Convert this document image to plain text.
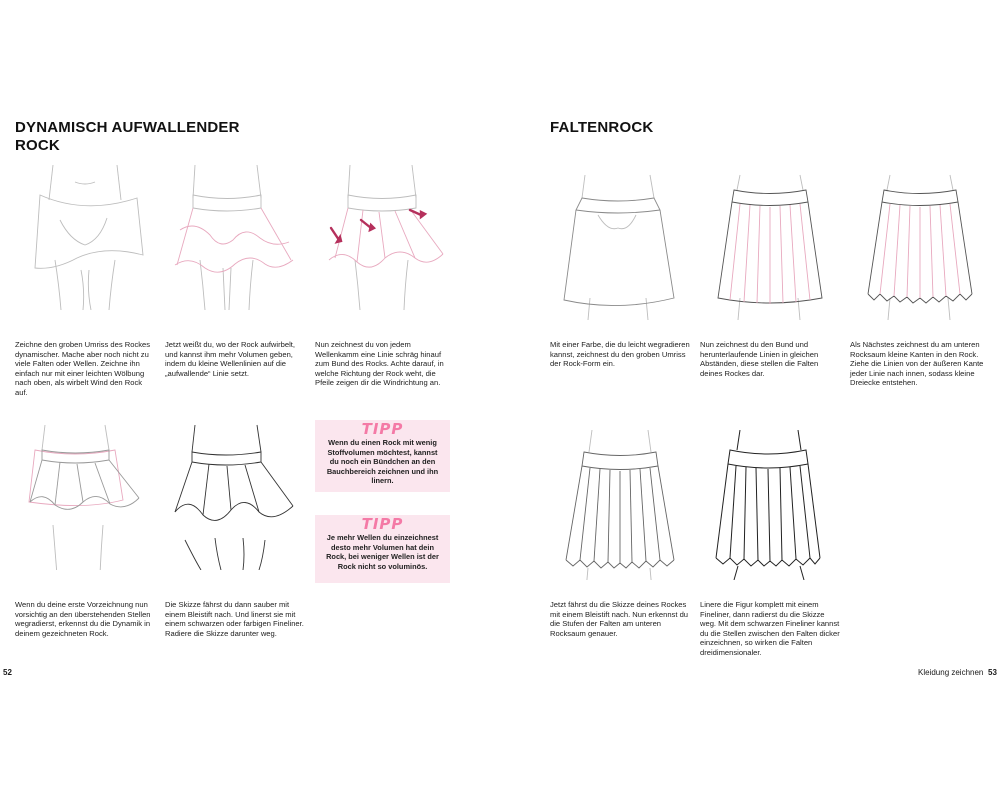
DYNAMISCH AUFWALLENDER ROCK
Zeichne den groben Umriss des Rockes dynamischer. Mache aber noch nicht zu viele Falten oder Wellen. Zeichne ihn einfach nur mit einer leichten Wölbung nach oben, als wirbelt Wind den Rock auf.
Jetzt weißt du, wo der Rock aufwirbelt, und kannst ihm mehr Volumen geben, indem du kleine Wellenlinien auf die „aufwallende“ Linie setzt.
Nun zeichnest du von jedem Wellenkamm eine Linie schräg hinauf zum Bund des Rocks. Achte darauf, in welche Richtung der Rock weht, die Pfeile zeigen dir die Windrichtung an.
Wenn du deine erste Vorzeichnung nun vorsichtig an den überstehenden Stellen wegradierst, erkennst du die Dynamik in deinem gezeichneten Rock.
Die Skizze fährst du dann sauber mit einem Bleistift nach. Und linerst sie mit einem schwarzen oder farbigen Fineliner. Radiere die Skizze darunter weg.
TIPP
Wenn du einen Rock mit wenig Stoffvolumen möchtest, kannst du noch ein Bündchen an den Bauchbereich zeichnen und ihn linern.
TIPP
Je mehr Wellen du einzeichnest desto mehr Volumen hat dein Rock, bei weniger Wellen ist der Rock nicht so voluminös.
52
FALTENROCK
Mit einer Farbe, die du leicht wegradieren kannst, zeichnest du den groben Umriss der Rock-Form ein.
Nun zeichnest du den Bund und herunterlaufende Linien in gleichen Abständen, diese stellen die Falten deines Rockes dar.
Als Nächstes zeichnest du am unteren Rocksaum kleine Kanten in den Rock. Ziehe die Linien von der äußeren Kante jeder Linie nach innen, sodass kleine Dreiecke entstehen.
Jetzt fährst du die Skizze deines Rockes mit einem Bleistift nach. Nun erkennst du die Stufen der Falten am unteren Rocksaum genauer.
Linere die Figur komplett mit einem Fineliner, dann radierst du die Skizze weg. Mit dem schwarzen Fineliner kannst du die Stellen zwischen den Falten dicker einzeichnen, so wirken die Falten dreidimensionaler.
Kleidung zeichnen 53
